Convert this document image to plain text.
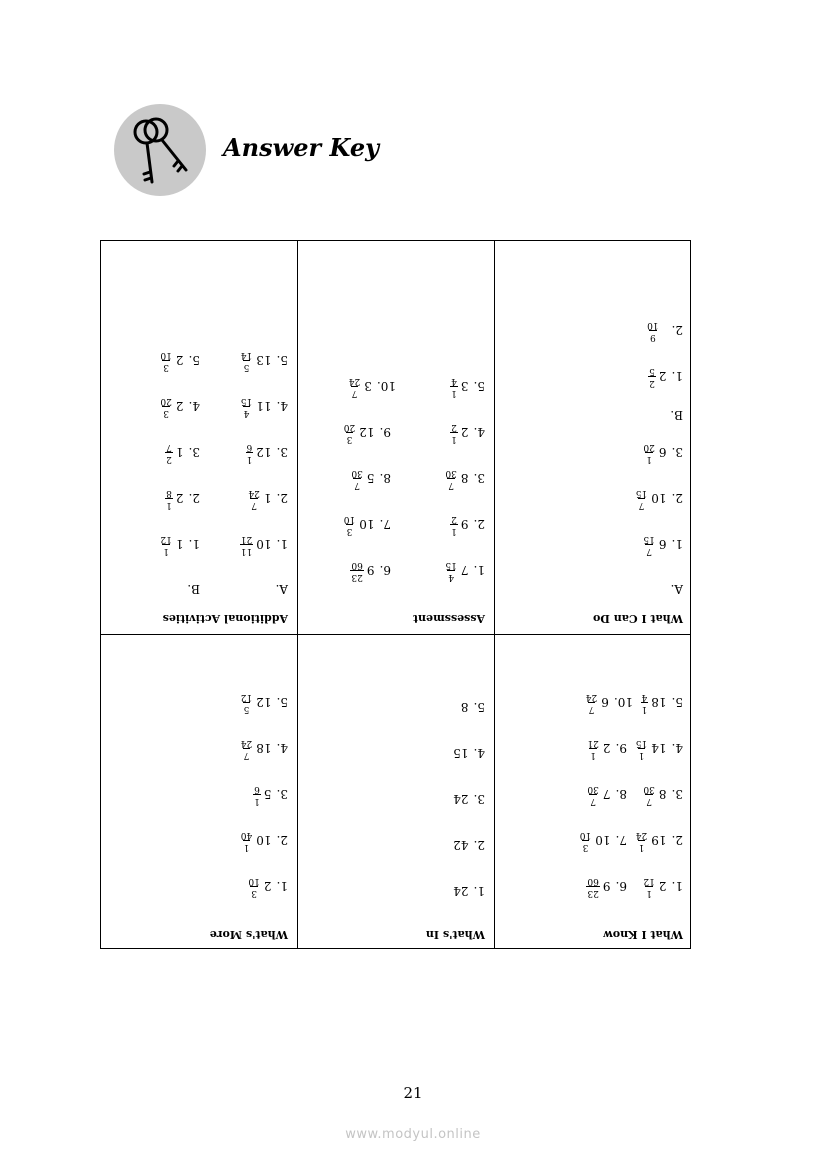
Answer Key
What I Know
1.
2
1
12
2.
19
1
24
3.
8
7
30
4.
14
1
15
5.
18
1
4
6.
9
23
60
7.
10
3
10
8.
7
7
30
9.
2
1
21
10.
6
7
24
What's In
1.
24
2.
42
3.
24
4.
15
5.
8
What's More
1.
2
3
10
2.
10
1
40
3.
5
1
6
4.
18
7
24
5.
12
5
12
What I Can Do
A.
1.
6
7
15
2.
10
7
15
3.
6
1
20
B.
1.
2
2
5
2.
9
10
Assessment
1.
7
4
15
2.
9
1
2
3.
8
7
30
4.
2
1
2
5.
3
1
4
6.
9
23
60
7.
10
3
10
8.
5
7
30
9.
12
3
20
10.
3
7
24
Additional Activities
A.
1.
10
11
21
2.
1
7
24
3.
12
1
6
4.
11
4
15
5.
13
5
14
B.
1.
1
1
12
2.
2
1
8
3.
1
2
7
4.
2
3
20
5.
2
3
10
21
www.modyul.online
